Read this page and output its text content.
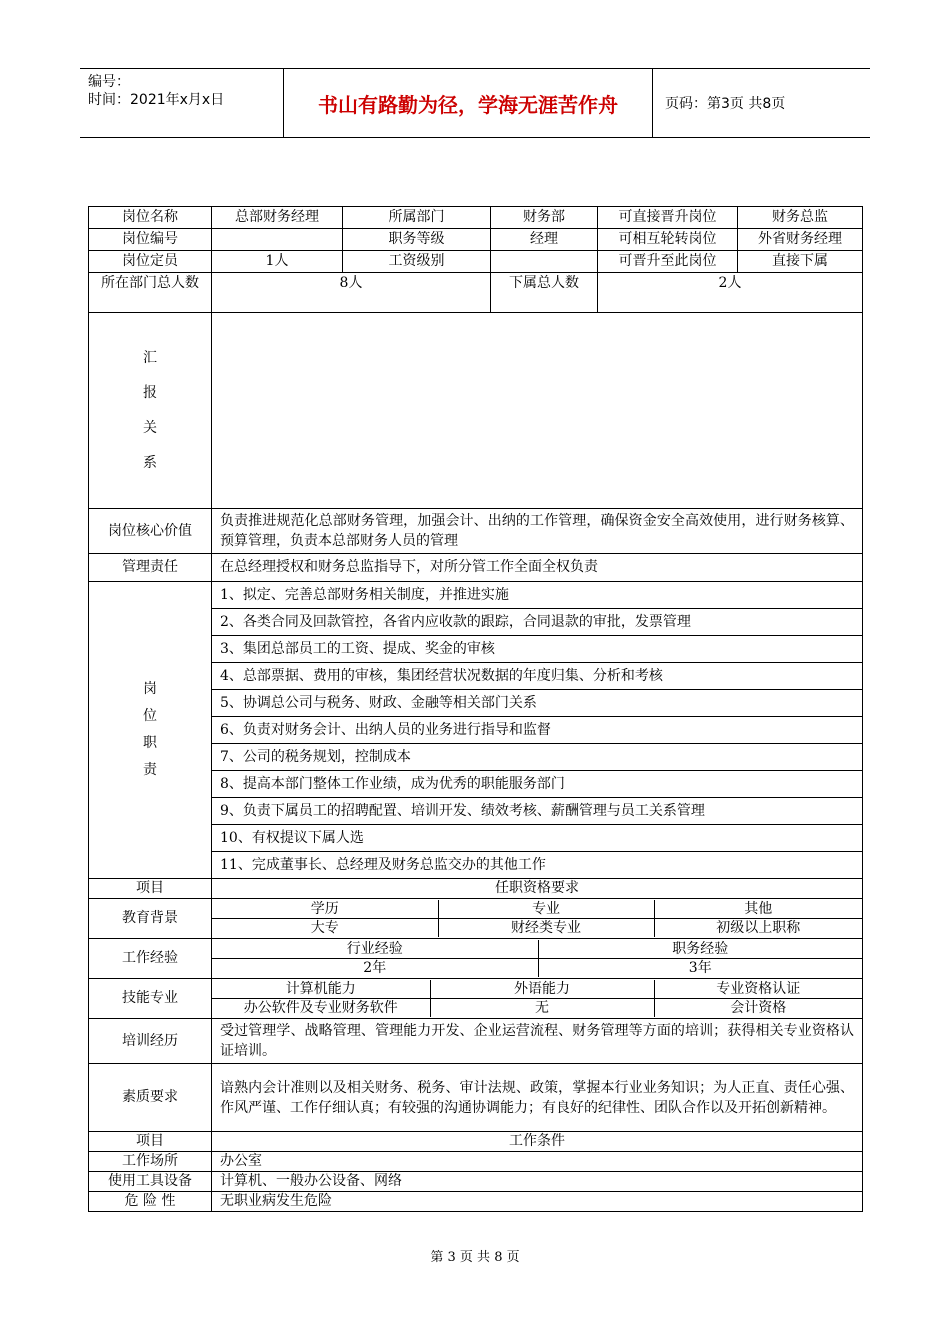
编号：
时间：2021年x月x日	书山有路勤为径，学海无涯苦作舟	页码：第3页 共8页
岗位名称	总部财务经理	所属部门	财务部	可直接晋升岗位	财务总监
岗位编号		职务等级	经理	可相互轮转岗位	外省财务经理
岗位定员	1人	工资级别		可晋升至此岗位	直接下属
所在部门总人数	8人	下属总人数	2人

汇
报
关
系

岗位核心价值	负责推进规范化总部财务管理，加强会计、出纳的工作管理，确保资金安全高效使用，进行财务核算、预算管理，负责本总部财务人员的管理
管理责任	在总经理授权和财务总监指导下，对所分管工作全面全权负责

岗
位
职
责
	1、拟定、完善总部财务相关制度，并推进实施
2、各类合同及回款管控，各省内应收款的跟踪，合同退款的审批，发票管理
3、集团总部员工的工资、提成、奖金的审核
4、总部票据、费用的审核，集团经营状况数据的年度归集、分析和考核
5、协调总公司与税务、财政、金融等相关部门关系
6、负责对财务会计、出纳人员的业务进行指导和监督
7、公司的税务规划，控制成本
8、提高本部门整体工作业绩，成为优秀的职能服务部门
9、负责下属员工的招聘配置、培训开发、绩效考核、薪酬管理与员工关系管理
10、有权提议下属人选
11、完成董事长、总经理及财务总监交办的其他工作
项目	任职资格要求
教育背景	
学历	专业	其他
大专	财经类专业	初级以上职称

工作经验	
行业经验	职务经验
2年	3年

技能专业	
计算机能力	外语能力	专业资格认证
办公软件及专业财务软件	无	会计资格

培训经历	受过管理学、战略管理、管理能力开发、企业运营流程、财务管理等方面的培训；获得相关专业资格认证培训。
素质要求	谙熟内会计准则以及相关财务、税务、审计法规、政策，掌握本行业业务知识；为人正直、责任心强、作风严谨、工作仔细认真；有较强的沟通协调能力；有良好的纪律性、团队合作以及开拓创新精神。
项目	工作条件
工作场所	办公室
使用工具设备	计算机、一般办公设备、网络
危 险 性	无职业病发生危险
第 3 页 共 8 页
